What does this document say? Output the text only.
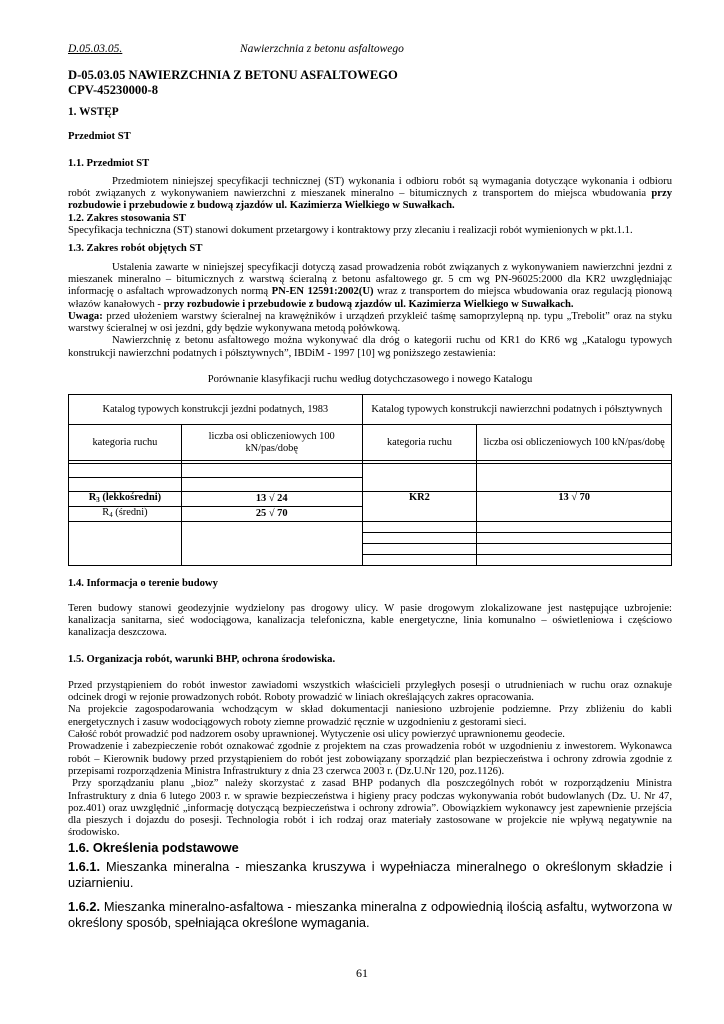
D.05.03.05.	Nawierzchnia z betonu asfaltowego
D-05.03.05 NAWIERZCHNIA Z BETONU ASFALTOWEGO
CPV-45230000-8
1. WSTĘP
Przedmiot ST
1.1. Przedmiot ST

Przedmiotem niniejszej specyfikacji technicznej (ST) wykonania i odbioru robót są wymagania dotyczące wykonania i odbioru robót związanych z wykonywaniem nawierzchni z mieszanek mineralno – bitumicznych z transportem do miejsca wbudowania przy rozbudowie i przebudowie z budową zjazdów ul. Kazimierza Wielkiego w Suwałkach.

1.2. Zakres stosowania ST

Specyfikacja techniczna (ST) stanowi dokument przetargowy i kontraktowy przy zlecaniu i realizacji robót wymienionych w pkt.1.1.

1.3. Zakres robót objętych ST

Ustalenia zawarte w niniejszej specyfikacji dotyczą zasad prowadzenia robót związanych z wykonywaniem nawierzchni jezdni z mieszanek mineralno – bitumicznych z warstwą ścieralną z betonu asfaltowego gr. 5 cm wg PN-96025:2000 dla KR2 uwzględniając informację o asfaltach wprowadzonych normą PN-EN 12591:2002(U) wraz z transportem do miejsca wbudowania oraz regulacją pionową włazów kanałowych - przy rozbudowie i przebudowie z budową zjazdów ul. Kazimierza Wielkiego w Suwałkach.

Uwaga: przed ułożeniem warstwy ścieralnej na krawężników i urządzeń przykleić taśmę samoprzylepną np. typu „Trebolit” oraz na styku warstwy ścieralnej w osi jezdni, gdy będzie wykonywana metodą połówkową.

Nawierzchnię z betonu asfaltowego można wykonywać dla dróg o kategorii ruchu od KR1 do KR6 wg „Katalogu typowych konstrukcji nawierzchni podatnych i półsztywnych”, IBDiM - 1997 [10] wg poniższego zestawienia:

Porównanie klasyfikacji ruchu według dotychczasowego i nowego Katalogu
Katalog typowych konstrukcji jezdni podatnych, 1983		Katalog typowych konstrukcji nawierzchni podatnych i półsztywnych	
kategoria ruchu	liczba osi obliczeniowych 100 kN/pas/dobę	kategoria ruchu	liczba osi obliczeniowych 100 kN/pas/dobę

$R_3$ (lekkośredni)	13 √ 24	KR2	13 √ 70
$R_4$ (średni)	25 √ 70		

1.4. Informacja o terenie budowy

Teren budowy stanowi geodezyjnie wydzielony pas drogowy ulicy. W pasie drogowym zlokalizowane jest następujące uzbrojenie: kanalizacja sanitarna, sieć wodociągowa, kanalizacja telefoniczna, kable energetyczne, linia komunalno – oświetleniowa i częściowo kanalizacja deszczowa.

1.5. Organizacja robót, warunki BHP, ochrona środowiska.

Przed przystąpieniem do robót inwestor zawiadomi wszystkich właścicieli przyległych posesji o utrudnieniach w ruchu oraz oznakuje odcinek drogi w rejonie prowadzonych robót. Roboty prowadzić w liniach określających zakres opracowania.

Na projekcie zagospodarowania wchodzącym w skład dokumentacji naniesiono uzbrojenie podziemne. Przy zbliżeniu do kabli energetycznych i zasuw wodociągowych roboty ziemne prowadzić ręcznie w uzgodnieniu z gestorami sieci.

Całość robót prowadzić pod nadzorem osoby uprawnionej. Wytyczenie osi ulicy powierzyć uprawnionemu geodecie.

Prowadzenie i zabezpieczenie robót oznakować zgodnie z projektem na czas prowadzenia robót w uzgodnieniu z inwestorem. Wykonawca robót – Kierownik budowy przed przystąpieniem do robót jest zobowiązany sporządzić plan bezpieczeństwa i ochrony zdrowia zgodnie z przepisami rozporządzenia Ministra Infrastruktury z dnia 23 czerwca 2003 r. (Dz.U.Nr 120, poz.1126).

Przy sporządzaniu planu „bioz” należy skorzystać z zasad BHP podanych dla poszczególnych robót w rozporządzeniu Ministra Infrastruktury z dnia 6 lutego 2003 r. w sprawie bezpieczeństwa i higieny pracy podczas wykonywania robót budowlanych (Dz. U. Nr 47, poz.401) oraz uwzględnić „informację dotyczącą bezpieczeństwa i ochrony zdrowia”. Obowiązkiem wykonawcy jest zapewnienie przejścia dla pieszych i dojazdu do posesji. Technologia robót i ich rodzaj oraz materiały zastosowane w projekcie nie wpływą negatywnie na środowisko.

1.6. Określenia podstawowe

1.6.1. Mieszanka mineralna - mieszanka kruszywa i wypełniacza mineralnego o określonym składzie i uziarnieniu.

1.6.2. Mieszanka mineralno-asfaltowa - mieszanka mineralna z odpowiednią ilością asfaltu, wytworzona w określony sposób, spełniająca określone wymagania.

61
